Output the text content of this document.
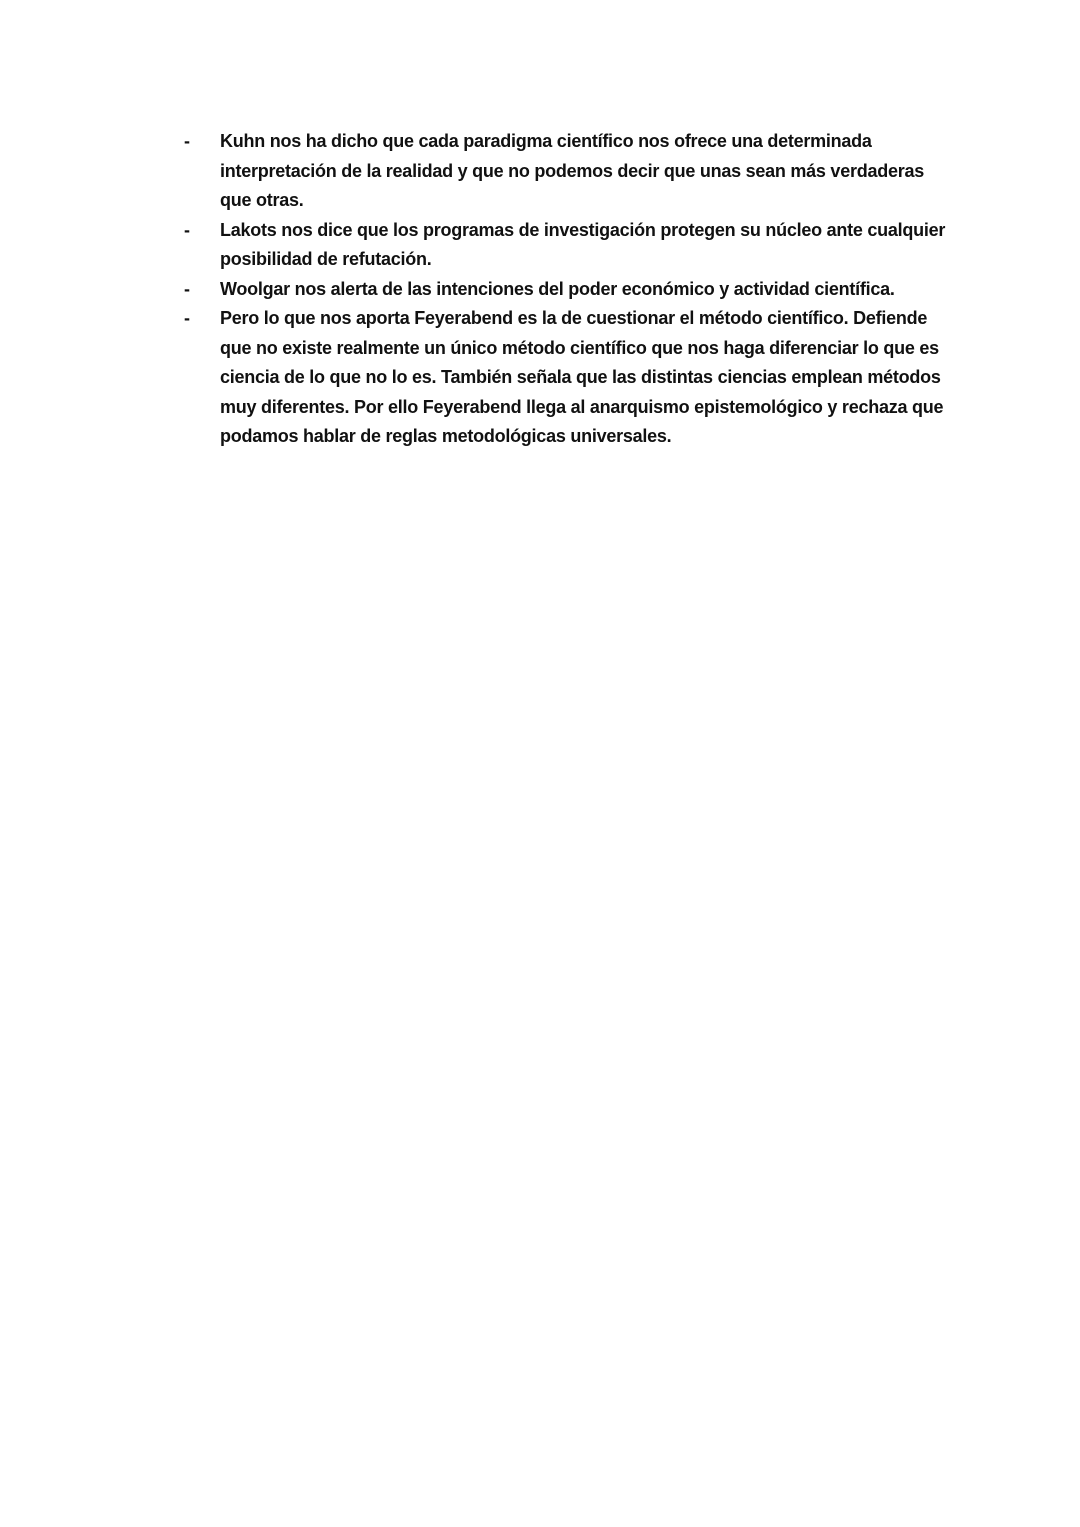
-	Kuhn nos ha dicho que cada paradigma científico nos ofrece una determinada
interpretación de la realidad y que no podemos decir que unas sean más verdaderas
que otras.
-	Lakots nos dice que los programas de investigación protegen su núcleo ante cualquier
posibilidad de refutación.
-	Woolgar nos alerta de las intenciones del poder económico y actividad científica.
-	Pero lo que nos aporta Feyerabend es la de cuestionar el método científico. Defiende
que no existe realmente un único método científico que nos haga diferenciar lo que es
ciencia de lo que no lo es. También señala que las distintas ciencias emplean métodos
muy diferentes. Por ello Feyerabend llega al anarquismo epistemológico y rechaza que
podamos hablar de reglas metodológicas universales.
